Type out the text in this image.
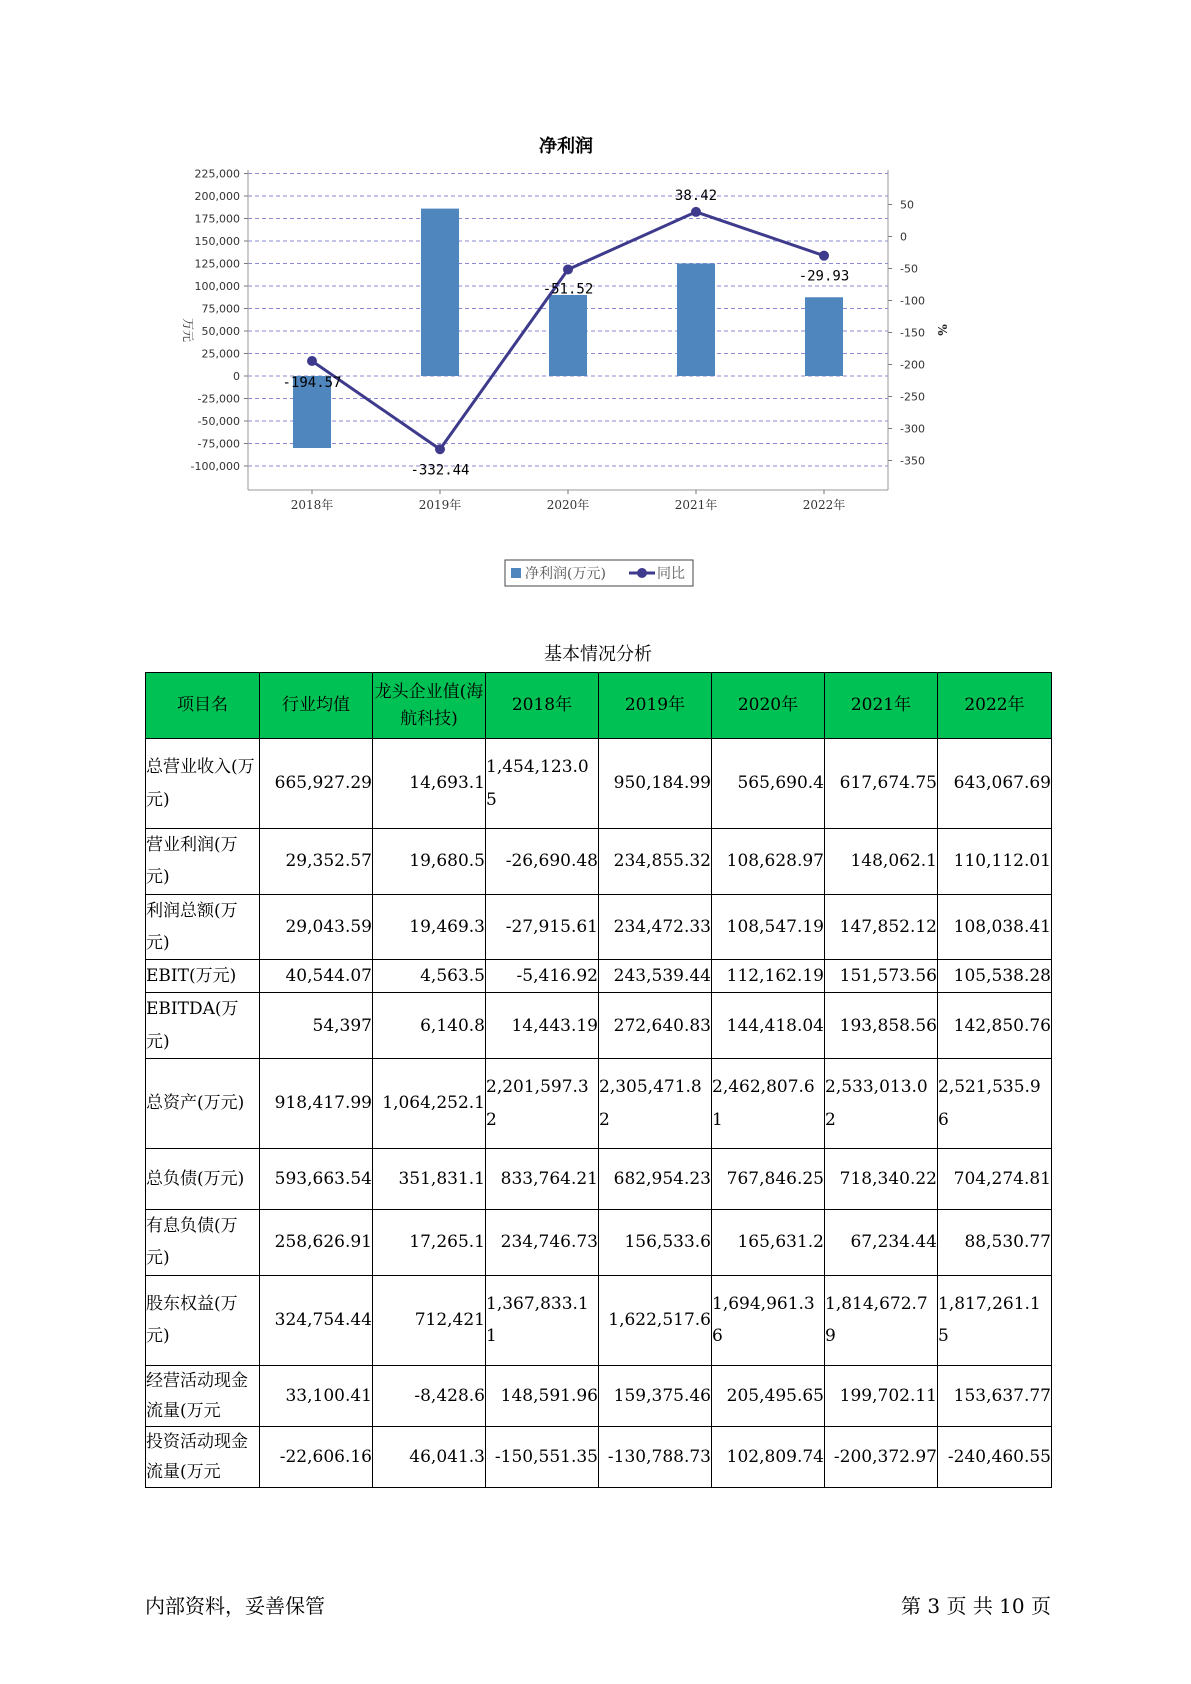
净利润
225,000
200,000
175,000
150,000
125,000
100,000
75,000
50,000
25,000
0
-25,000
-50,000
-75,000
-100,000
50
0
-50
-100
-150
-200
-250
-300
-350
万元	%
2018年	2019年	2020年	2021年	2022年
-194.57
-332.44
-51.52
38.42
-29.93
净利润(万元)	同比
基本情况分析
项目名	行业均值	龙头企业值(海航科技)	2018年	2019年	2020年	2021年	2022年
总营业收入(万元)	665,927.29	14,693.1	1,454,123.05	950,184.99	565,690.4	617,674.75	643,067.69
营业利润(万元)	29,352.57	19,680.5	-26,690.48	234,855.32	108,628.97	148,062.1	110,112.01
利润总额(万元)	29,043.59	19,469.3	-27,915.61	234,472.33	108,547.19	147,852.12	108,038.41
EBIT(万元)	40,544.07	4,563.5	-5,416.92	243,539.44	112,162.19	151,573.56	105,538.28
EBITDA(万元)	54,397	6,140.8	14,443.19	272,640.83	144,418.04	193,858.56	142,850.76
总资产(万元)	918,417.99	1,064,252.1	2,201,597.32	2,305,471.82	2,462,807.61	2,533,013.02	2,521,535.96
总负债(万元)	593,663.54	351,831.1	833,764.21	682,954.23	767,846.25	718,340.22	704,274.81
有息负债(万元)	258,626.91	17,265.1	234,746.73	156,533.6	165,631.2	67,234.44	88,530.77
股东权益(万元)	324,754.44	712,421	1,367,833.11	1,622,517.6	1,694,961.36	1,814,672.79	1,817,261.15
经营活动现金流量(万元	33,100.41	-8,428.6	148,591.96	159,375.46	205,495.65	199,702.11	153,637.77
投资活动现金流量(万元	-22,606.16	46,041.3	-150,551.35	-130,788.73	102,809.74	-200,372.97	-240,460.55
内部资料，妥善保管	第 3 页 共 10 页
